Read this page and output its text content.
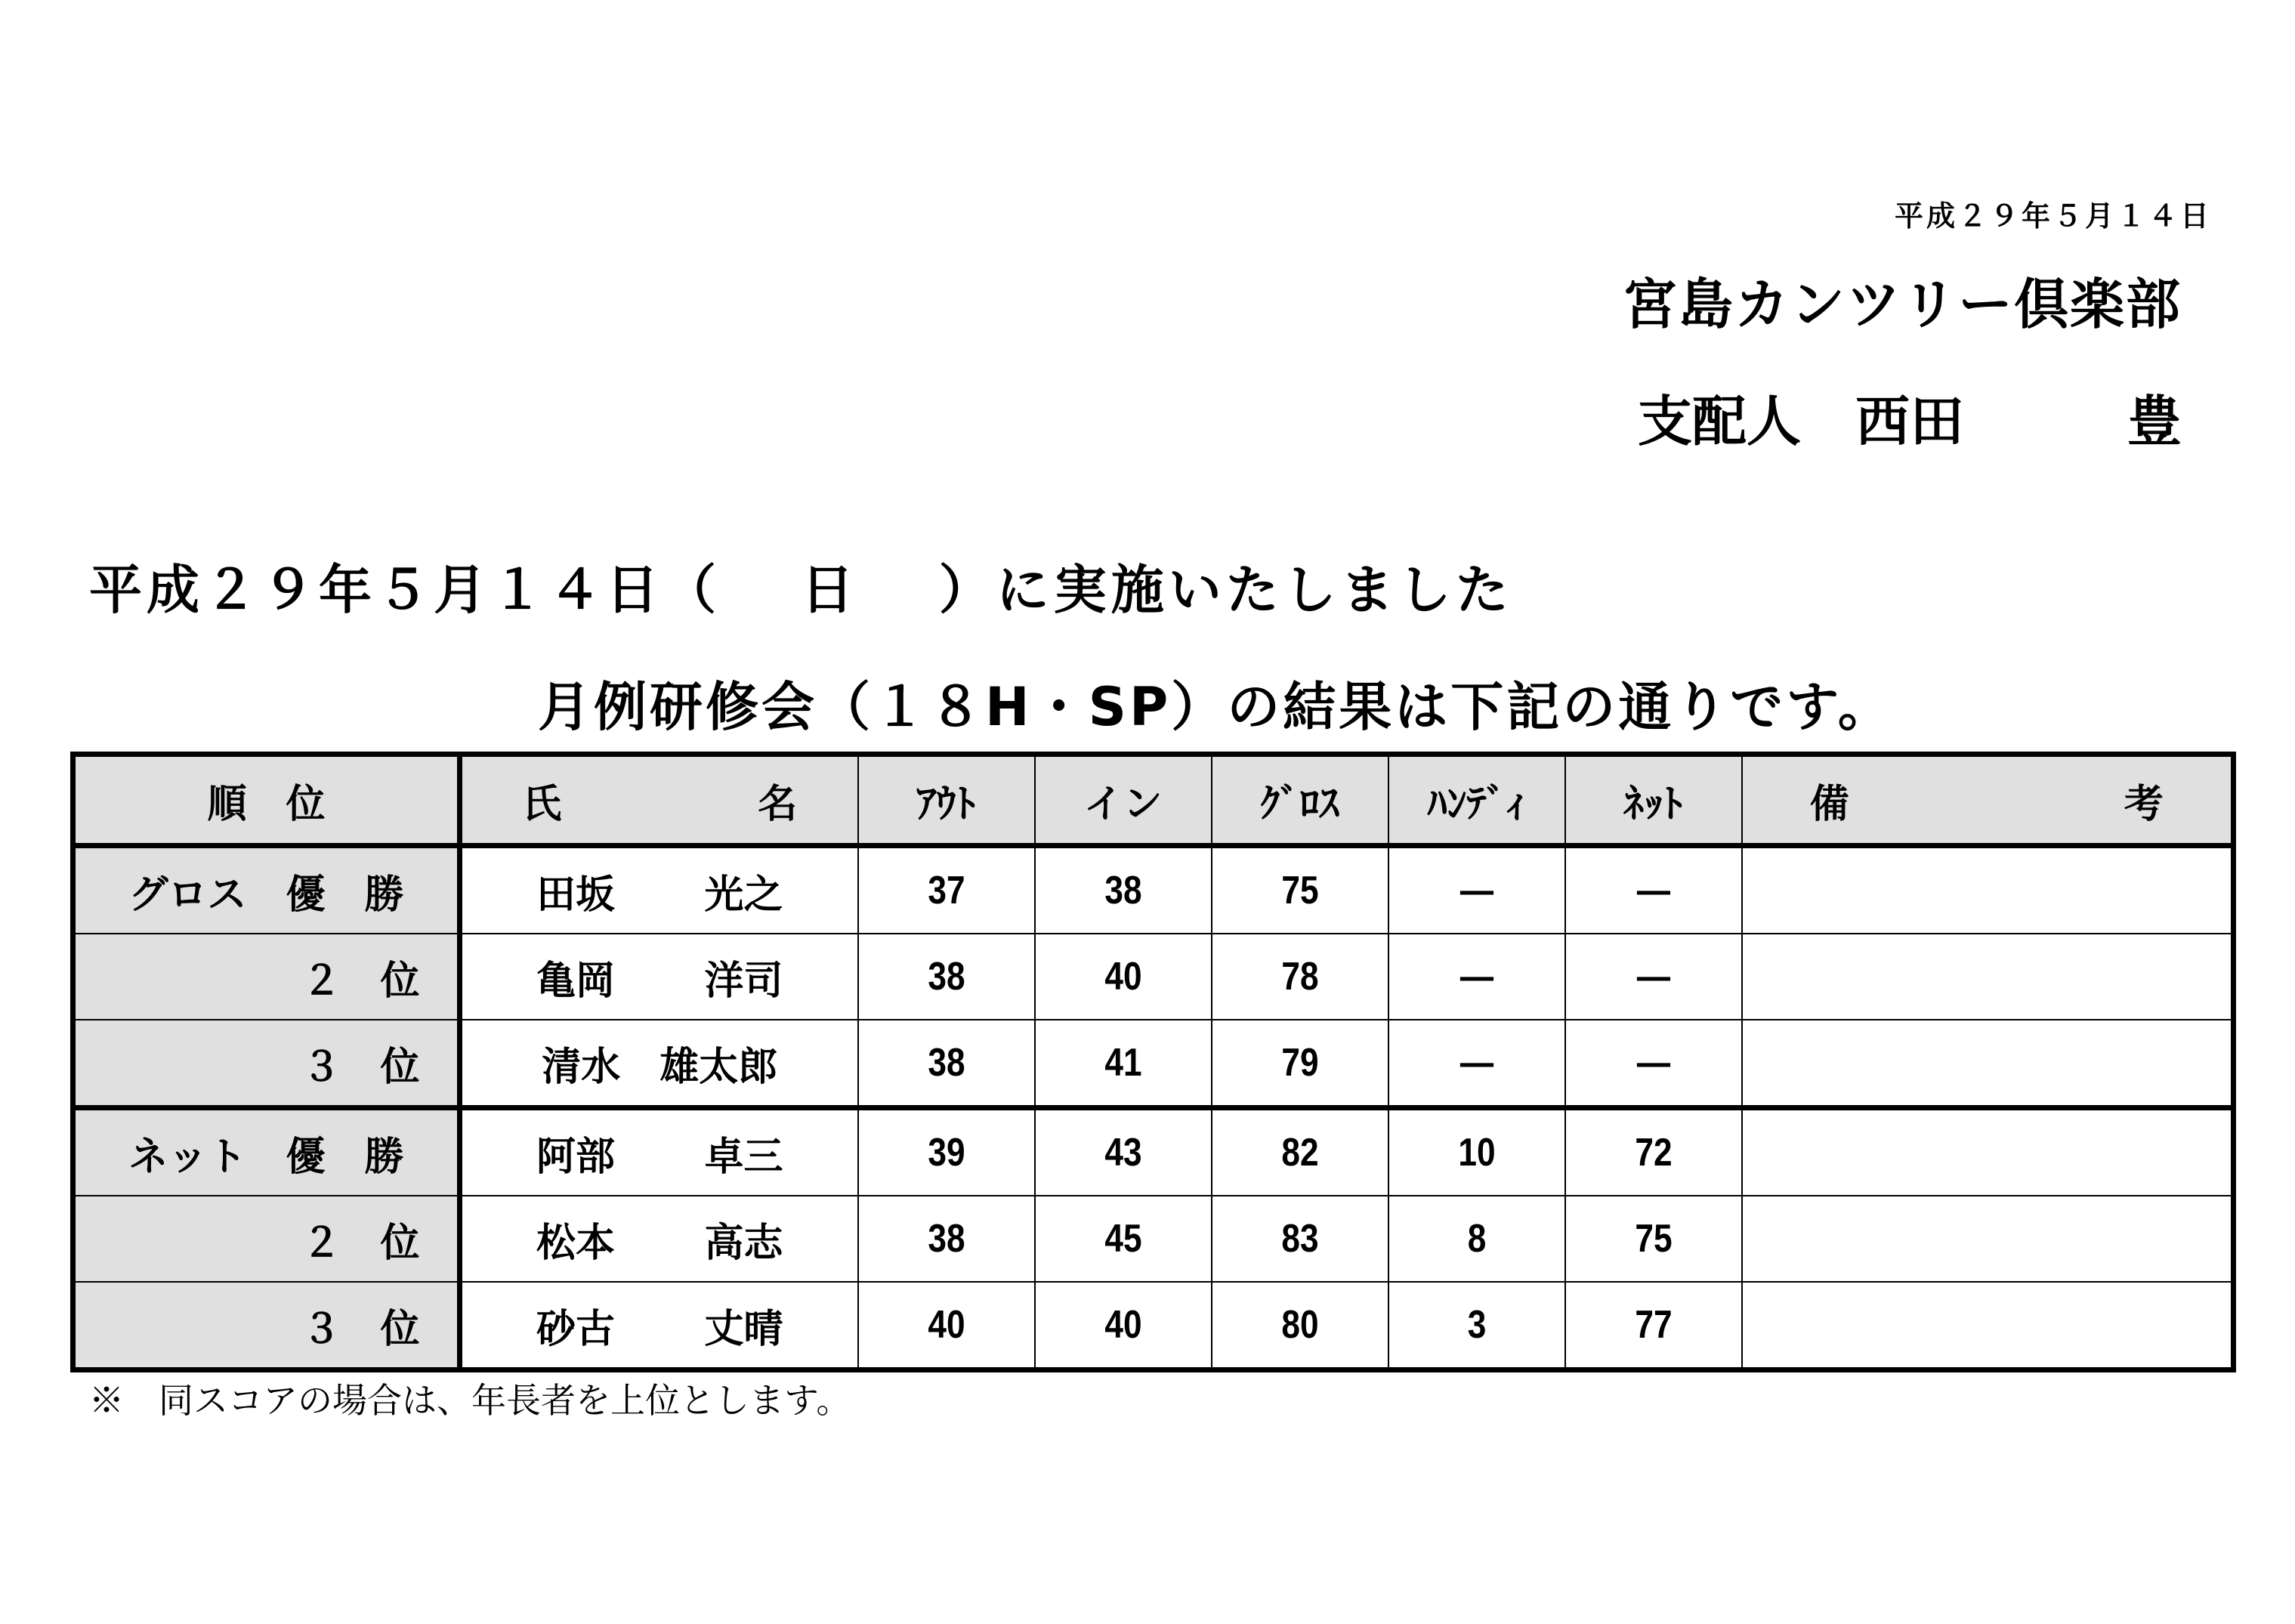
平成２９年５月１４日
宮島カンツリー倶楽部
支配人　西田　　　豊
平成２９年５月１４日（　 日 　）に実施いたしました
月例研修会（１８H・SP）の結果は下記の通りです。
順　位	氏　　　　　名	ｱｳﾄ	イン	ｸﾞﾛｽ	ﾊﾝﾃﾞｨ	ﾈｯﾄ	備　　　　　　　考
グロス　優　勝	田坂　　 光之	37	38	75	―	―	
２　位	亀岡　　 洋司	38	40	78	―	―	
３　位	清水　雄太郎	38	41	79	―	―	
ネット　優　勝	阿部　　 卓三	39	43	82	10	72	
２　位	松本　　 高志	38	45	83	8	75	
３　位	砂古　　 丈晴	40	40	80	3	77	
※　同スコアの場合は、年長者を上位とします。
